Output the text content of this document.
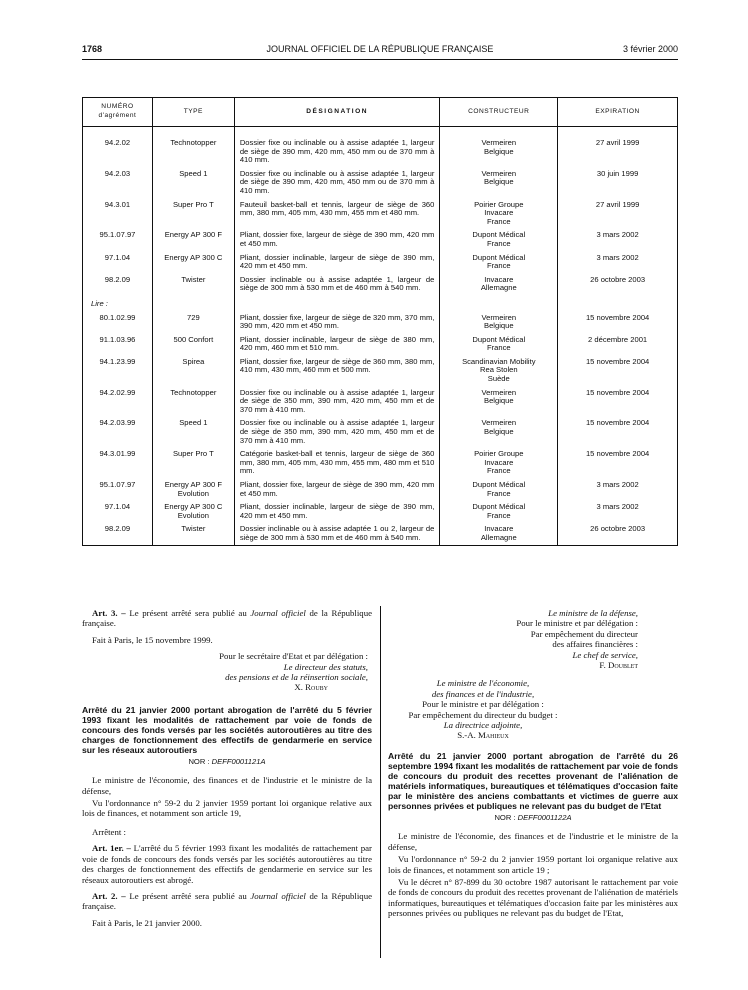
1768	JOURNAL OFFICIEL DE LA RÉPUBLIQUE FRANÇAISE	3 février 2000
NUMÉRO d'agrément	TYPE	DÉSIGNATION	CONSTRUCTEUR	EXPIRATION
94.2.02	Technotopper	Dossier fixe ou inclinable ou à assise adaptée 1, largeur de siège de 390 mm, 420 mm, 450 mm ou de 370 mm à 410 mm.	Vermeiren
Belgique	27 avril 1999
94.2.03	Speed 1	Dossier fixe ou inclinable ou à assise adaptée 1, largeur de siège de 390 mm, 420 mm, 450 mm ou de 370 mm à 410 mm.	Vermeiren
Belgique	30 juin 1999
94.3.01	Super Pro T	Fauteuil basket-ball et tennis, largeur de siège de 360 mm, 380 mm, 405 mm, 430 mm, 455 mm et 480 mm.	Poirier Groupe
Invacare
France	27 avril 1999
95.1.07.97	Energy AP 300 F	Pliant, dossier fixe, largeur de siège de 390 mm, 420 mm et 450 mm.	Dupont Médical
France	3 mars 2002
97.1.04	Energy AP 300 C	Pliant, dossier inclinable, largeur de siège de 390 mm, 420 mm et 450 mm.	Dupont Médical
France	3 mars 2002
98.2.09	Twister	Dossier inclinable ou à assise adaptée 1, largeur de siège de 300 mm à 530 mm et de 460 mm à 540 mm.	Invacare
Allemagne	26 octobre 2003
Lire :				
80.1.02.99	729	Pliant, dossier fixe, largeur de siège de 320 mm, 370 mm, 390 mm, 420 mm et 450 mm.	Vermeiren
Belgique	15 novembre 2004
91.1.03.96	500 Confort	Pliant, dossier inclinable, largeur de siège de 380 mm, 420 mm, 460 mm et 510 mm.	Dupont Médical
France	2 décembre 2001
94.1.23.99	Spirea	Pliant, dossier fixe, largeur de siège de 360 mm, 380 mm, 410 mm, 430 mm, 460 mm et 500 mm.	Scandinavian Mobility
Rea Stolen
Suède	15 novembre 2004
94.2.02.99	Technotopper	Dossier fixe ou inclinable ou à assise adaptée 1, largeur de siège de 350 mm, 390 mm, 420 mm, 450 mm et de 370 mm à 410 mm.	Vermeiren
Belgique	15 novembre 2004
94.2.03.99	Speed 1	Dossier fixe ou inclinable ou à assise adaptée 1, largeur de siège de 350 mm, 390 mm, 420 mm, 450 mm et de 370 mm à 410 mm.	Vermeiren
Belgique	15 novembre 2004
94.3.01.99	Super Pro T	Catégorie basket-ball et tennis, largeur de siège de 360 mm, 380 mm, 405 mm, 430 mm, 455 mm, 480 mm et 510 mm.	Poirier Groupe
Invacare
France	15 novembre 2004
95.1.07.97	Energy AP 300 F
Evolution	Pliant, dossier fixe, largeur de siège de 390 mm, 420 mm et 450 mm.	Dupont Médical
France	3 mars 2002
97.1.04	Energy AP 300 C
Evolution	Pliant, dossier inclinable, largeur de siège de 390 mm, 420 mm et 450 mm.	Dupont Médical
France	3 mars 2002
98.2.09	Twister	Dossier inclinable ou à assise adaptée 1 ou 2, largeur de siège de 300 mm à 530 mm et de 460 mm à 540 mm.	Invacare
Allemagne	26 octobre 2003

Art. 3. – Le présent arrêté sera publié au Journal officiel de la République française.

Fait à Paris, le 15 novembre 1999.

Pour le secrétaire d'Etat et par délégation :
Le directeur des statuts,
des pensions et de la réinsertion sociale,
X. Rouby
Arrêté du 21 janvier 2000 portant abrogation de l'arrêté du 5 février 1993 fixant les modalités de rattachement par voie de fonds de concours des fonds versés par les sociétés autoroutières au titre des charges de fonctionnement des effectifs de gendarmerie en service sur les réseaux autoroutiers
NOR : DEFF0001121A

Le ministre de l'économie, des finances et de l'industrie et le ministre de la défense,

Vu l'ordonnance n° 59-2 du 2 janvier 1959 portant loi organique relative aux lois de finances, et notamment son article 19,

Arrêtent :

Art. 1er. – L'arrêté du 5 février 1993 fixant les modalités de rattachement par voie de fonds de concours des fonds versés par les sociétés autoroutières au titre des charges de fonctionnement des effectifs de gendarmerie en service sur les réseaux autoroutiers est abrogé.

Art. 2. – Le présent arrêté sera publié au Journal officiel de la République française.

Fait à Paris, le 21 janvier 2000.

Le ministre de la défense,
Pour le ministre et par délégation :
Par empêchement du directeur
des affaires financières :
Le chef de service,
F. Doublet
Le ministre de l'économie,
des finances et de l'industrie,
Pour le ministre et par délégation :
Par empêchement du directeur du budget :
La directrice adjointe,
S.-A. Mahieux
Arrêté du 21 janvier 2000 portant abrogation de l'arrêté du 26 septembre 1994 fixant les modalités de rattachement par voie de fonds de concours du produit des recettes provenant de l'aliénation de matériels informatiques, bureautiques et télématiques d'occasion faite par le ministère des anciens combattants et victimes de guerre aux personnes privées et publiques ne relevant pas du budget de l'Etat
NOR : DEFF0001122A

Le ministre de l'économie, des finances et de l'industrie et le ministre de la défense,

Vu l'ordonnance n° 59-2 du 2 janvier 1959 portant loi organique relative aux lois de finances, et notamment son article 19 ;

Vu le décret n° 87-899 du 30 octobre 1987 autorisant le rattachement par voie de fonds de concours du produit des recettes provenant de l'aliénation de matériels informatiques, bureautiques et télématiques d'occasion faite par les ministères aux personnes privées ou publiques ne relevant pas du budget de l'Etat,
